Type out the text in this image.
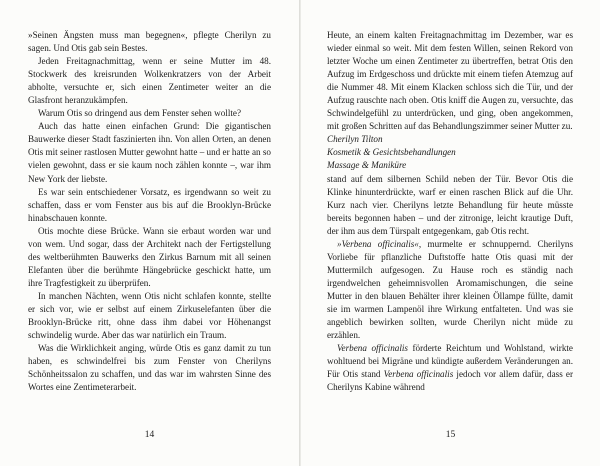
»Seinen Ängsten muss man begegnen«, pflegte Cherilyn zu sagen. Und Otis gab sein Bestes.

Jeden Freitagnachmittag, wenn er seine Mutter im 48. Stockwerk des kreisrunden Wolkenkratzers von der Arbeit abholte, versuchte er, sich einen Zentimeter weiter an die Glasfront heranzukämpfen.

Warum Otis so dringend aus dem Fenster sehen wollte?

Auch das hatte einen einfachen Grund: Die gigantischen Bauwerke dieser Stadt faszinierten ihn. Von allen Orten, an denen Otis mit seiner rastlosen Mutter gewohnt hatte – und er hatte an so vielen gewohnt, dass er sie kaum noch zählen konnte –, war ihm New York der liebste.

Es war sein entschiedener Vorsatz, es irgendwann so weit zu schaffen, dass er vom Fenster aus bis auf die Brooklyn-Brücke hinabschauen konnte.

Otis mochte diese Brücke. Wann sie erbaut worden war und von wem. Und sogar, dass der Architekt nach der Fertigstellung des weltberühmten Bauwerks den Zirkus Barnum mit all seinen Elefanten über die berühmte Hängebrücke geschickt hatte, um ihre Tragfestigkeit zu überprüfen.

In manchen Nächten, wenn Otis nicht schlafen konnte, stellte er sich vor, wie er selbst auf einem Zirkuselefanten über die Brooklyn-Brücke ritt, ohne dass ihm dabei vor Höhenangst schwindelig wurde. Aber das war natürlich ein Traum.

Was die Wirklichkeit anging, würde Otis es ganz damit zu tun haben, es schwindelfrei bis zum Fenster von Cherilyns Schönheitssalon zu schaffen, und das war im wahrsten Sinne des Wortes eine Zentimeterarbeit.

14

Heute, an einem kalten Freitagnachmittag im Dezember, war es wieder einmal so weit. Mit dem festen Willen, seinen Rekord von letzter Woche um einen Zentimeter zu übertreffen, betrat Otis den Aufzug im Erdgeschoss und drückte mit einem tiefen Atemzug auf die Nummer 48. Mit einem Klacken schloss sich die Tür, und der Aufzug rauschte nach oben. Otis kniff die Augen zu, versuchte, das Schwindelgefühl zu unterdrücken, und ging, oben angekommen, mit großen Schritten auf das Behandlungszimmer seiner Mutter zu.

Cherilyn Tilton

Kosmetik & Gesichtsbehandlungen

Massage & Maniküre

stand auf dem silbernen Schild neben der Tür. Bevor Otis die Klinke hinunterdrückte, warf er einen raschen Blick auf die Uhr. Kurz nach vier. Cherilyns letzte Behandlung für heute müsste bereits begonnen haben – und der zitronige, leicht krautige Duft, der ihm aus dem Türspalt entgegenkam, gab Otis recht.

»Verbena officinalis«, murmelte er schnuppernd. Cherilyns Vorliebe für pflanzliche Duftstoffe hatte Otis quasi mit der Muttermilch aufgesogen. Zu Hause roch es ständig nach irgendwelchen geheimnisvollen Aromamischungen, die seine Mutter in den blauen Behälter ihrer kleinen Öllampe füllte, damit sie im warmen Lampenöl ihre Wirkung entfalteten. Und was sie angeblich bewirken sollten, wurde Cherilyn nicht müde zu erzählen.

Verbena officinalis förderte Reichtum und Wohlstand, wirkte wohltuend bei Migräne und kündigte außerdem Veränderungen an. Für Otis stand Verbena officinalis jedoch vor allem dafür, dass er Cherilyns Kabine während

15
